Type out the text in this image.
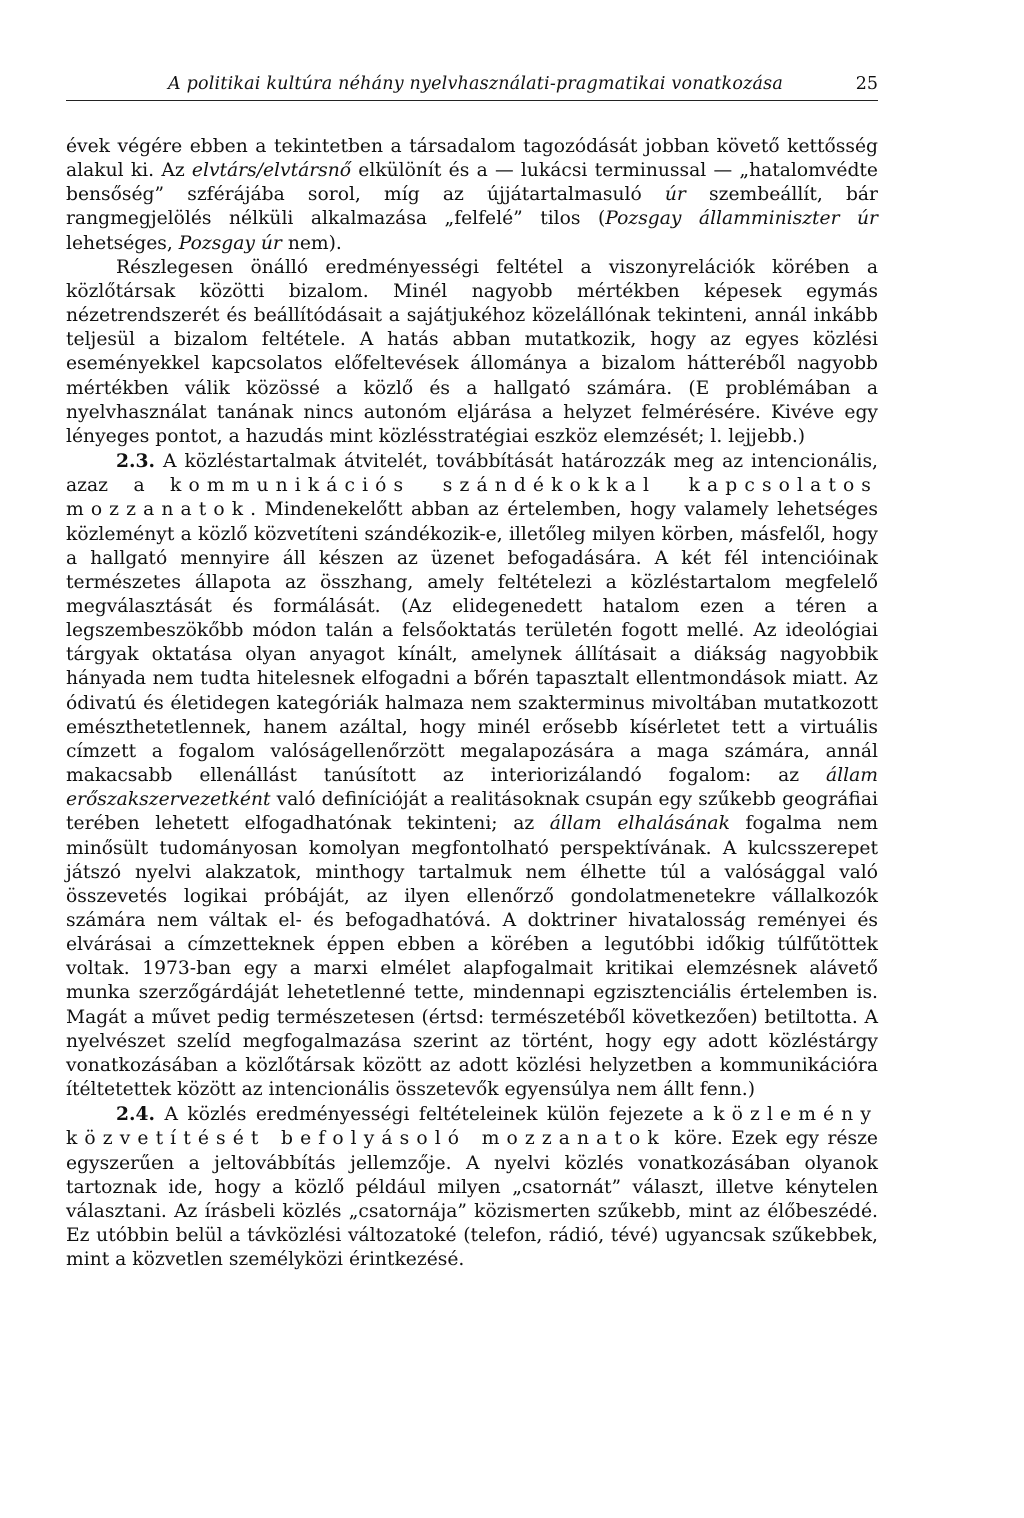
A politikai kultúra néhány nyelvhasználati-pragmatikai vonatkozása	25

évek végére ebben a tekintetben a társadalom tagozódását jobban követő kettősség alakul ki. Az elvtárs/elvtársnő elkülönít és a — lukácsi terminussal — „hatalomvédte bensőség” szférájába sorol, míg az újjátartalmasuló úr szembeállít, bár rangmegjelölés nélküli alkalmazása „felfelé” tilos (Pozsgay államminiszter úr lehetséges, Pozsgay úr nem).

Részlegesen önálló eredményességi feltétel a viszonyrelációk körében a közlőtársak közötti bizalom. Minél nagyobb mértékben képesek egymás nézetrendszerét és beállítódásait a sajátjukéhoz közelállónak tekinteni, annál inkább teljesül a bizalom feltétele. A hatás abban mutatkozik, hogy az egyes közlési eseményekkel kapcsolatos előfeltevések állománya a bizalom hátteréből nagyobb mértékben válik közössé a közlő és a hallgató számára. (E problémában a nyelvhasználat tanának nincs autonóm eljárása a helyzet felmérésére. Kivéve egy lényeges pontot, a hazudás mint közlésstratégiai eszköz elemzését; l. lejjebb.)

2.3. A közléstartalmak átvitelét, továbbítását határozzák meg az intencionális, azaz a kommunikációs szándékokkal kapcsolatos mozzanatok. Mindenekelőtt abban az értelemben, hogy valamely lehetséges közleményt a közlő közvetíteni szándékozik-e, illetőleg milyen körben, másfelől, hogy a hallgató mennyire áll készen az üzenet befogadására. A két fél intencióinak természetes állapota az összhang, amely feltételezi a közléstartalom megfelelő megválasztását és formálását. (Az elidegenedett hatalom ezen a téren a legszembeszökőbb módon talán a felsőoktatás területén fogott mellé. Az ideológiai tárgyak oktatása olyan anyagot kínált, amelynek állításait a diákság nagyobbik hányada nem tudta hitelesnek elfogadni a bőrén tapasztalt ellentmondások miatt. Az ódivatú és életidegen kategóriák halmaza nem szakterminus mivoltában mutatkozott emészthetetlennek, hanem azáltal, hogy minél erősebb kísérletet tett a virtuális címzett a fogalom valóságellenőrzött megalapozására a maga számára, annál makacsabb ellenállást tanúsított az interiorizálandó fogalom: az állam erőszakszervezetként való definícióját a realitásoknak csupán egy szűkebb geográfiai terében lehetett elfogadhatónak tekinteni; az állam elhalásának fogalma nem minősült tudományosan komolyan megfontolható perspektívának. A kulcsszerepet játszó nyelvi alakzatok, minthogy tartalmuk nem élhette túl a valósággal való összevetés logikai próbáját, az ilyen ellenőrző gondolatmenetekre vállalkozók számára nem váltak el- és befogadhatóvá. A doktriner hivatalosság reményei és elvárásai a címzetteknek éppen ebben a körében a legutóbbi időkig túlfűtöttek voltak. 1973-ban egy a marxi elmélet alapfogalmait kritikai elemzésnek alávető munka szerzőgárdáját lehetetlenné tette, mindennapi egzisztenciális értelemben is. Magát a művet pedig természetesen (értsd: természetéből következően) betiltotta. A nyelvészet szelíd megfogalmazása szerint az történt, hogy egy adott közléstárgy vonatkozásában a közlőtársak között az adott közlési helyzetben a kommunikációra ítéltetettek között az intencionális összetevők egyensúlya nem állt fenn.)

2.4. A közlés eredményességi feltételeinek külön fejezete a közlemény közvetítését befolyásoló mozzanatok köre. Ezek egy része egyszerűen a jeltovábbítás jellemzője. A nyelvi közlés vonatkozásában olyanok tartoznak ide, hogy a közlő például milyen „csatornát” választ, illetve kénytelen választani. Az írásbeli közlés „csatornája” közismerten szűkebb, mint az élőbeszédé. Ez utóbbin belül a távközlési változatoké (telefon, rádió, tévé) ugyancsak szűkebbek, mint a közvetlen személyközi érintkezésé.
